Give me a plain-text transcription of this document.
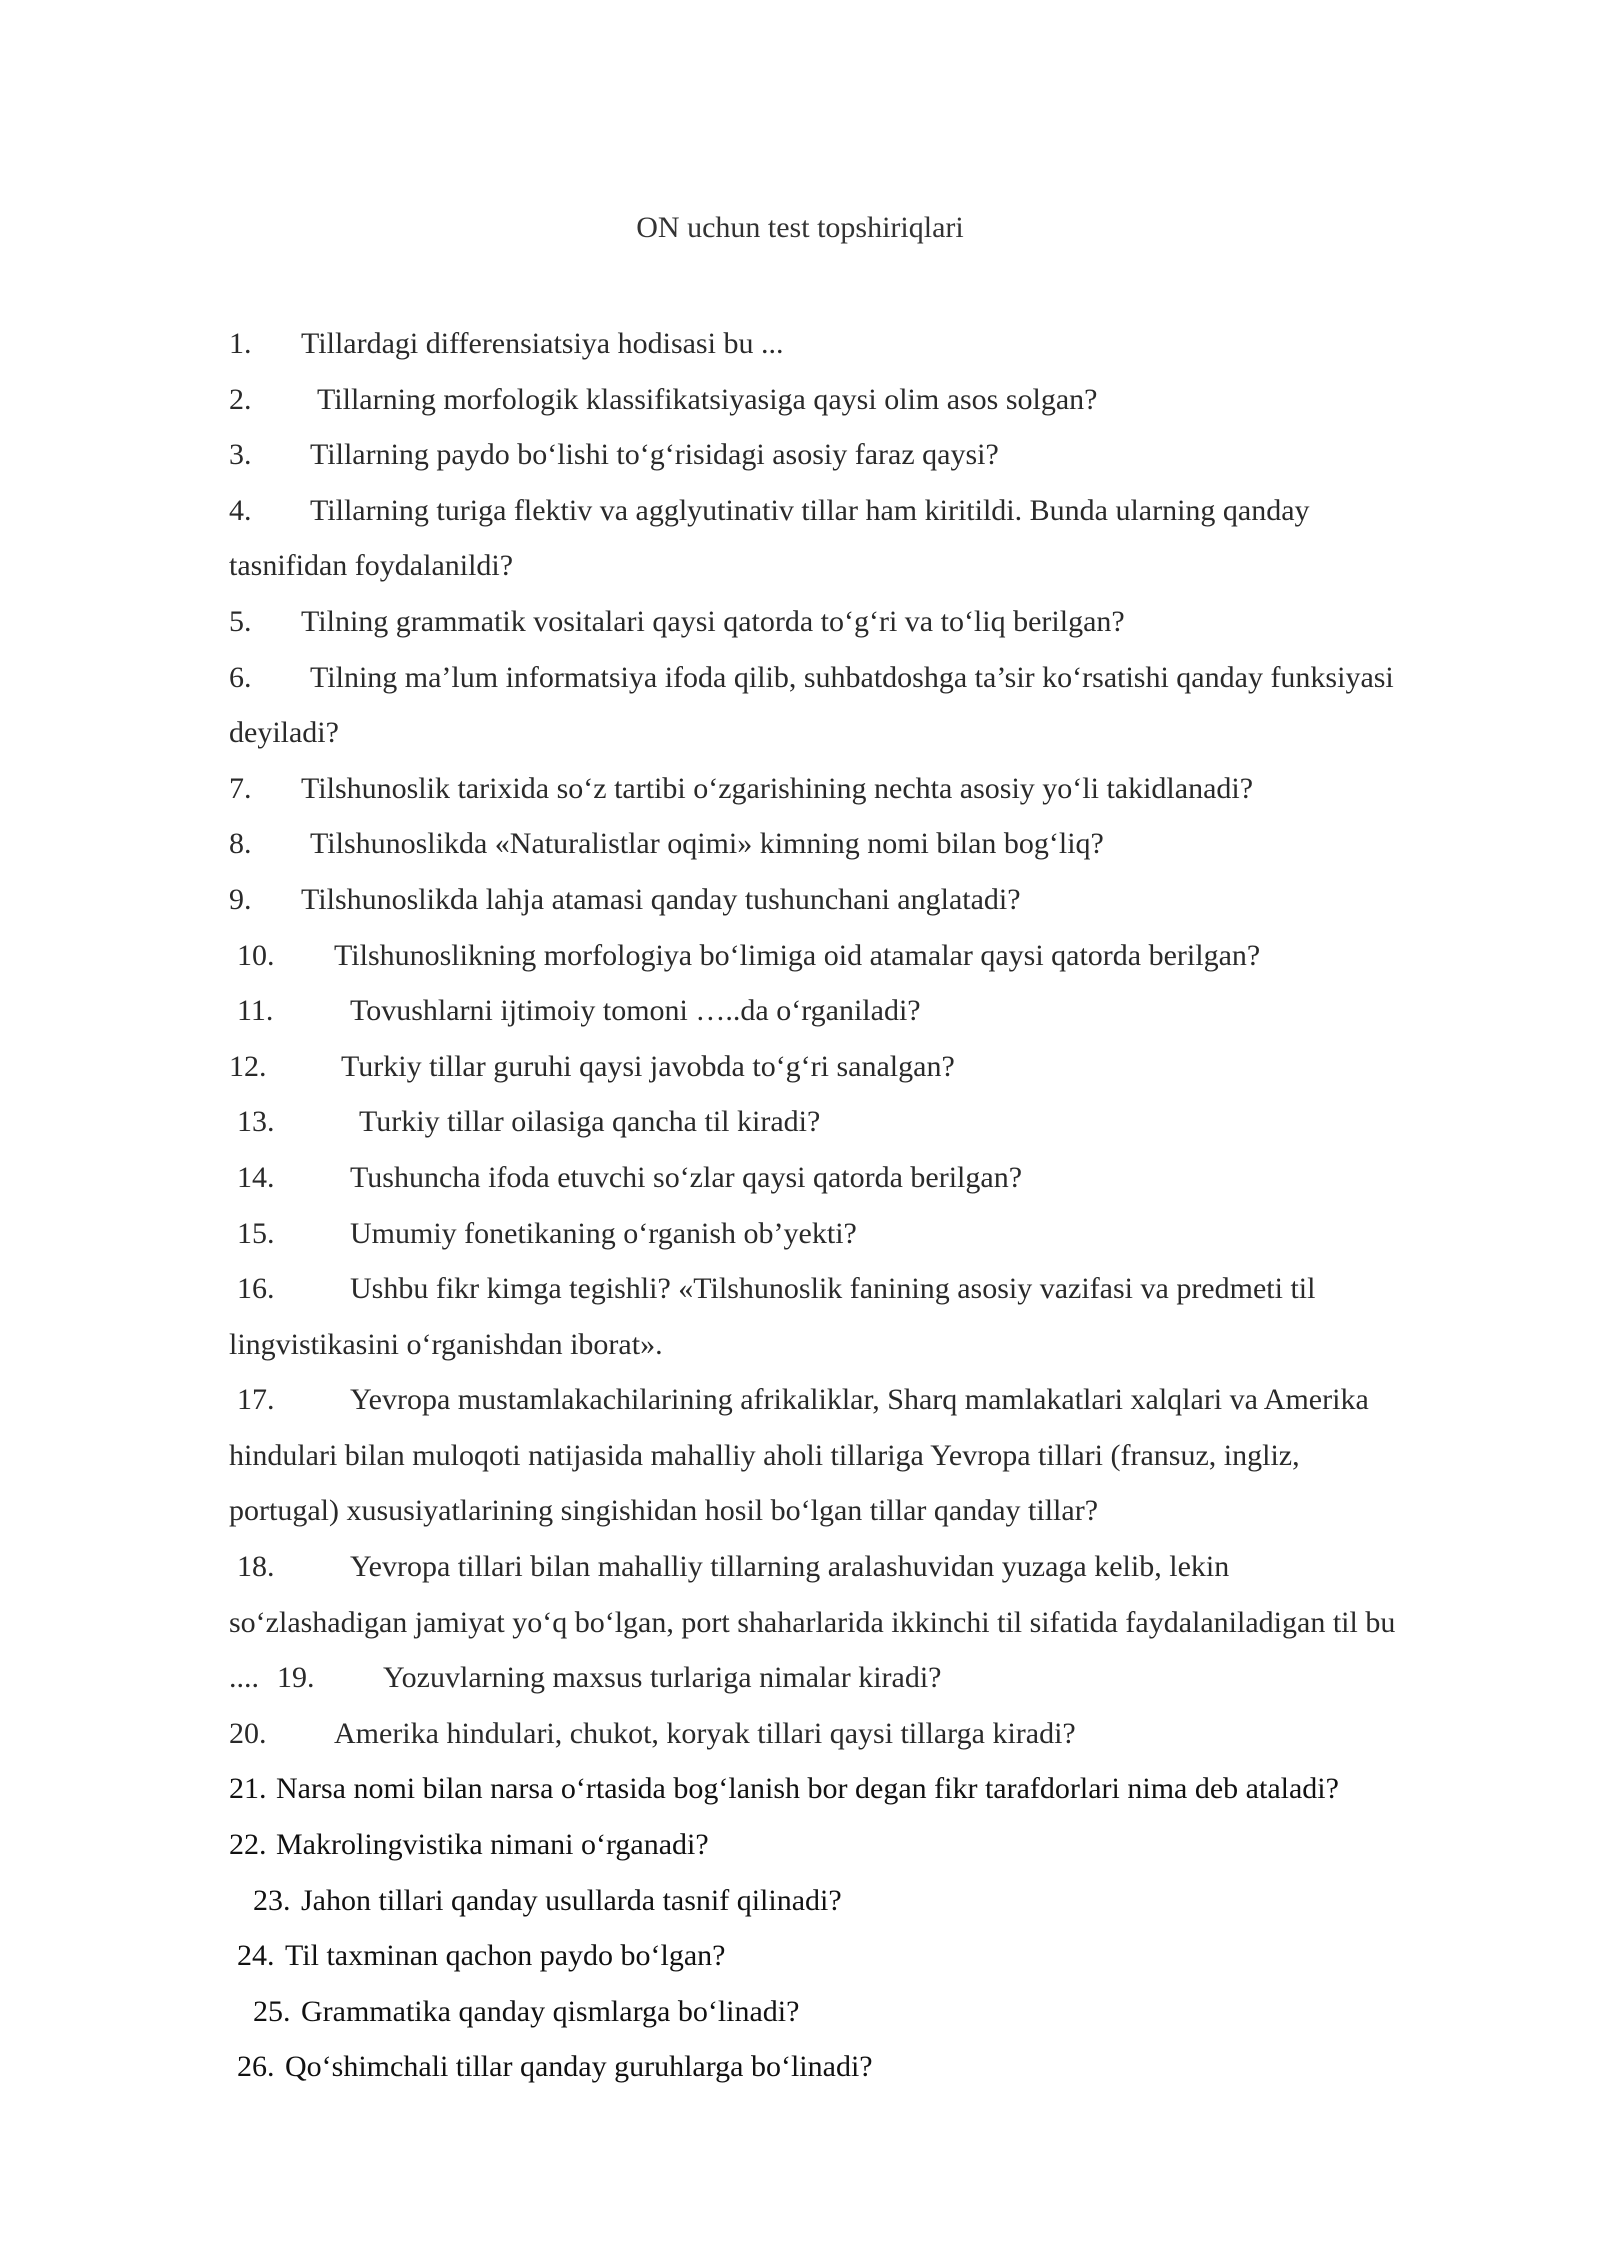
ON uchun test topshiriqlari
1. Tillardagi differensiatsiya hodisasi bu ...
2. Tillarning morfologik klassifikatsiyasiga qaysi olim asos solgan?
3. Tillarning paydo bo‘lishi to‘g‘risidagi asosiy faraz qaysi?
4. Tillarning turiga flektiv va agglyutinativ tillar ham kiritildi. Bunda ularning qanday
tasnifidan foydalanildi?
5. Tilning grammatik vositalari qaysi qatorda to‘g‘ri va to‘liq berilgan?
6. Tilning ma’lum informatsiya ifoda qilib, suhbatdoshga ta’sir ko‘rsatishi qanday funksiyasi
deyiladi?
7. Tilshunoslik tarixida so‘z tartibi o‘zgarishining nechta asosiy yo‘li takidlanadi?
8. Tilshunoslikda «Naturalistlar oqimi» kimning nomi bilan bog‘liq?
9. Tilshunoslikda lahja atamasi qanday tushunchani anglatadi?
10. Tilshunoslikning morfologiya bo‘limiga oid atamalar qaysi qatorda berilgan?
11.	Tovushlarni ijtimoiy tomoni …..da o‘rganiladi?
12. Turkiy tillar guruhi qaysi javobda to‘g‘ri sanalgan?
13.	Turkiy tillar oilasiga qancha til kiradi?
14.	Tushuncha ifoda etuvchi so‘zlar qaysi qatorda berilgan?
15.	Umumiy fonetikaning o‘rganish ob’yekti?
16.	Ushbu fikr kimga tegishli? «Tilshunoslik fanining asosiy vazifasi va predmeti til
lingvistikasini o‘rganishdan iborat».
17.	Yevropa mustamlakachilarining afrikaliklar, Sharq mamlakatlari xalqlari va Amerika
hindulari bilan muloqoti natijasida mahalliy aholi tillariga Yevropa tillari (fransuz, ingliz,
portugal) xususiyatlarining singishidan hosil bo‘lgan tillar qanday tillar?
18.	Yevropa tillari bilan mahalliy tillarning aralashuvidan yuzaga kelib, lekin
so‘zlashadigan jamiyat yo‘q bo‘lgan, port shaharlarida ikkinchi til sifatida faydalaniladigan til bu
.... 19. Yozuvlarning maxsus turlariga nimalar kiradi?
20. Amerika hindulari, chukot, koryak tillari qaysi tillarga kiradi?
21. Narsa nomi bilan narsa o‘rtasida bog‘lanish bor degan fikr tarafdorlari nima deb ataladi?
22. Makrolingvistika nimani o‘rganadi?
23. Jahon tillari qanday usullarda tasnif qilinadi?
24. Til taxminan qachon paydo bo‘lgan?
25. Grammatika qanday qismlarga bo‘linadi?
26. Qo‘shimchali tillar qanday guruhlarga bo‘linadi?
